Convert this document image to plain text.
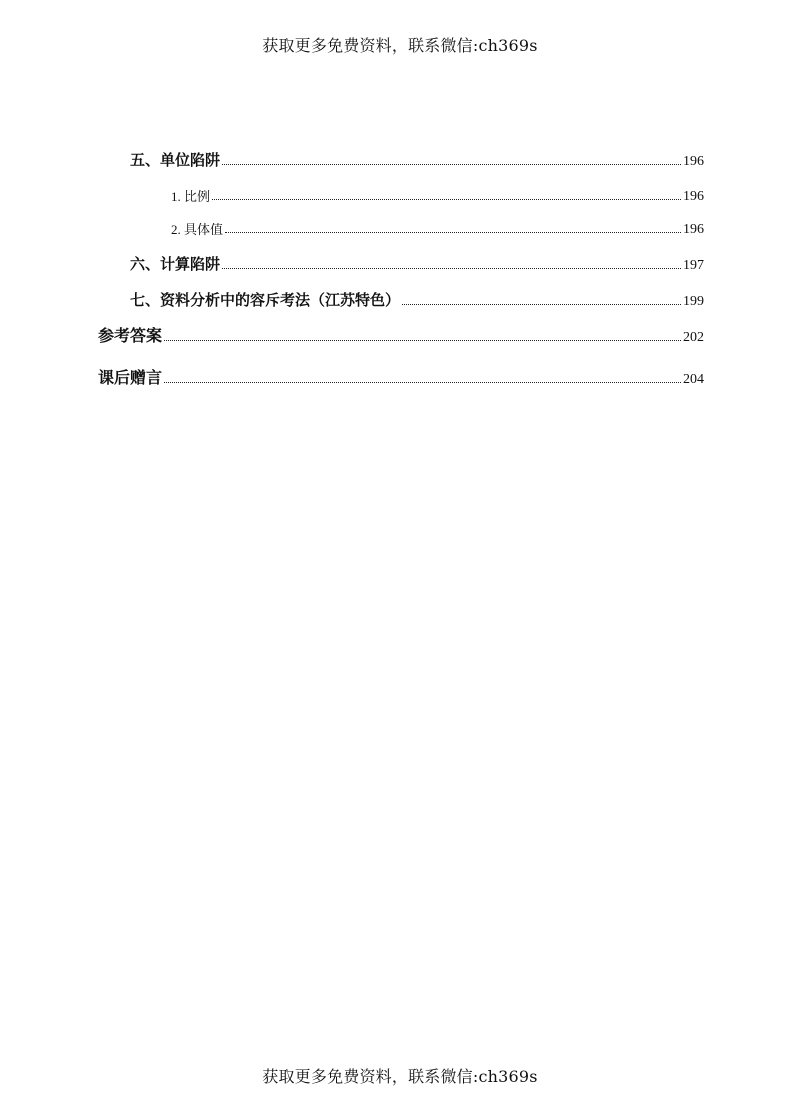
获取更多免费资料，联系微信:ch369s
五、单位陷阱	196
1. 比例	196
2. 具体值	196
六、计算陷阱	197
七、资料分析中的容斥考法（江苏特色）	199
参考答案	202
课后赠言	204
获取更多免费资料，联系微信:ch369s
